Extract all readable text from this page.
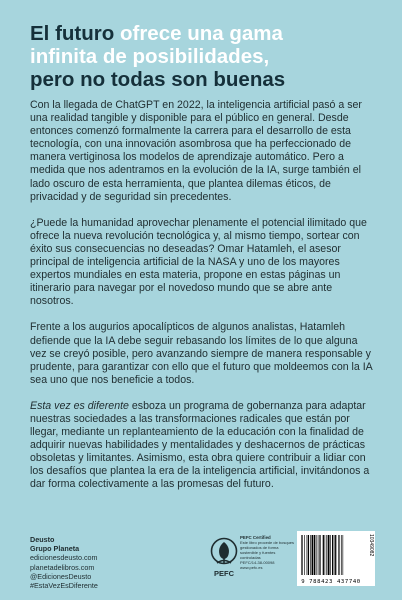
El futuro ofrece una gama
infinita de posibilidades,
pero no todas son buenas

Con la llegada de ChatGPT en 2022, la inteligencia artificial pasó a ser una realidad tangible y disponible para el público en general. Desde entonces comenzó formalmente la carrera para el desarrollo de esta tecnología, con una innovación asombrosa que ha perfeccionado de manera vertiginosa los modelos de aprendizaje automático. Pero a medida que nos adentramos en la evolución de la IA, surge también el lado oscuro de esta herramienta, que plantea dilemas éticos, de privacidad y de seguridad sin precedentes.

¿Puede la humanidad aprovechar plenamente el potencial ilimitado que ofrece la nueva revolución tecnológica y, al mismo tiempo, sortear con éxito sus consecuencias no deseadas? Omar Hatamleh, el asesor principal de inteligencia artificial de la NASA y uno de los mayores expertos mundiales en esta materia, propone en estas páginas un itinerario para navegar por el novedoso mundo que se abre ante nosotros.

Frente a los augurios apocalípticos de algunos analistas, Hatamleh defiende que la IA debe seguir rebasando los límites de lo que alguna vez se creyó posible, pero avanzando siempre de manera responsable y prudente, para garantizar con ello que el futuro que moldeemos con la IA sea uno que nos beneficie a todos.

Esta vez es diferente esboza un programa de gobernanza para adaptar nuestras sociedades a las transformaciones radicales que están por llegar, mediante un replanteamiento de la educación con la finalidad de adquirir nuevas habilidades y mentalidades y deshacernos de prácticas obsoletas y limitantes. Asimismo, esta obra quiere contribuir a lidiar con los desafíos que plantea la era de la inteligencia artificial, invitándonos a dar forma colectivamente a las promesas del futuro.

Deusto
Grupo Planeta
edicionesdeusto.com
planetadelibros.com
@EdicionesDeusto
#EstaVezEsDiferente
PEFC
PEFC Certified
Este libro procede de bosques gestionados de forma sostenible y fuentes controladas
PEFC/14-38-00098
www.pefc.es
9 788423 437740
10349082
